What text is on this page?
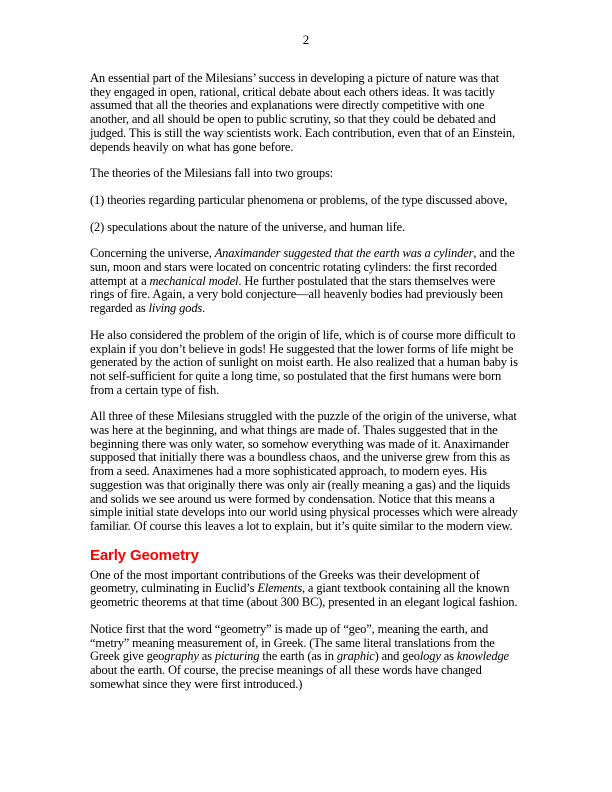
2

An essential part of the Milesians’ success in developing a picture of nature was that they engaged in open, rational, critical debate about each others ideas. It was tacitly assumed that all the theories and explanations were directly competitive with one another, and all should be open to public scrutiny, so that they could be debated and judged. This is still the way scientists work. Each contribution, even that of an Einstein, depends heavily on what has gone before.

The theories of the Milesians fall into two groups:

(1) theories regarding particular phenomena or problems, of the type discussed above,

(2) speculations about the nature of the universe, and human life.

Concerning the universe, Anaximander suggested that the earth was a cylinder, and the sun, moon and stars were located on concentric rotating cylinders: the first recorded attempt at a mechanical model. He further postulated that the stars themselves were rings of fire. Again, a very bold conjecture—all heavenly bodies had previously been regarded as living gods.

He also considered the problem of the origin of life, which is of course more difficult to explain if you don’t believe in gods! He suggested that the lower forms of life might be generated by the action of sunlight on moist earth. He also realized that a human baby is not self-sufficient for quite a long time, so postulated that the first humans were born from a certain type of fish.

All three of these Milesians struggled with the puzzle of the origin of the universe, what was here at the beginning, and what things are made of. Thales suggested that in the beginning there was only water, so somehow everything was made of it. Anaximander supposed that initially there was a boundless chaos, and the universe grew from this as from a seed. Anaximenes had a more sophisticated approach, to modern eyes. His suggestion was that originally there was only air (really meaning a gas) and the liquids and solids we see around us were formed by condensation. Notice that this means a simple initial state develops into our world using physical processes which were already familiar. Of course this leaves a lot to explain, but it’s quite similar to the modern view.

Early Geometry

One of the most important contributions of the Greeks was their development of geometry, culminating in Euclid’s Elements, a giant textbook containing all the known geometric theorems at that time (about 300 BC), presented in an elegant logical fashion.

Notice first that the word “geometry” is made up of “geo”, meaning the earth, and “metry” meaning measurement of, in Greek. (The same literal translations from the Greek give geography as picturing the earth (as in graphic) and geology as knowledge about the earth. Of course, the precise meanings of all these words have changed somewhat since they were first introduced.)
